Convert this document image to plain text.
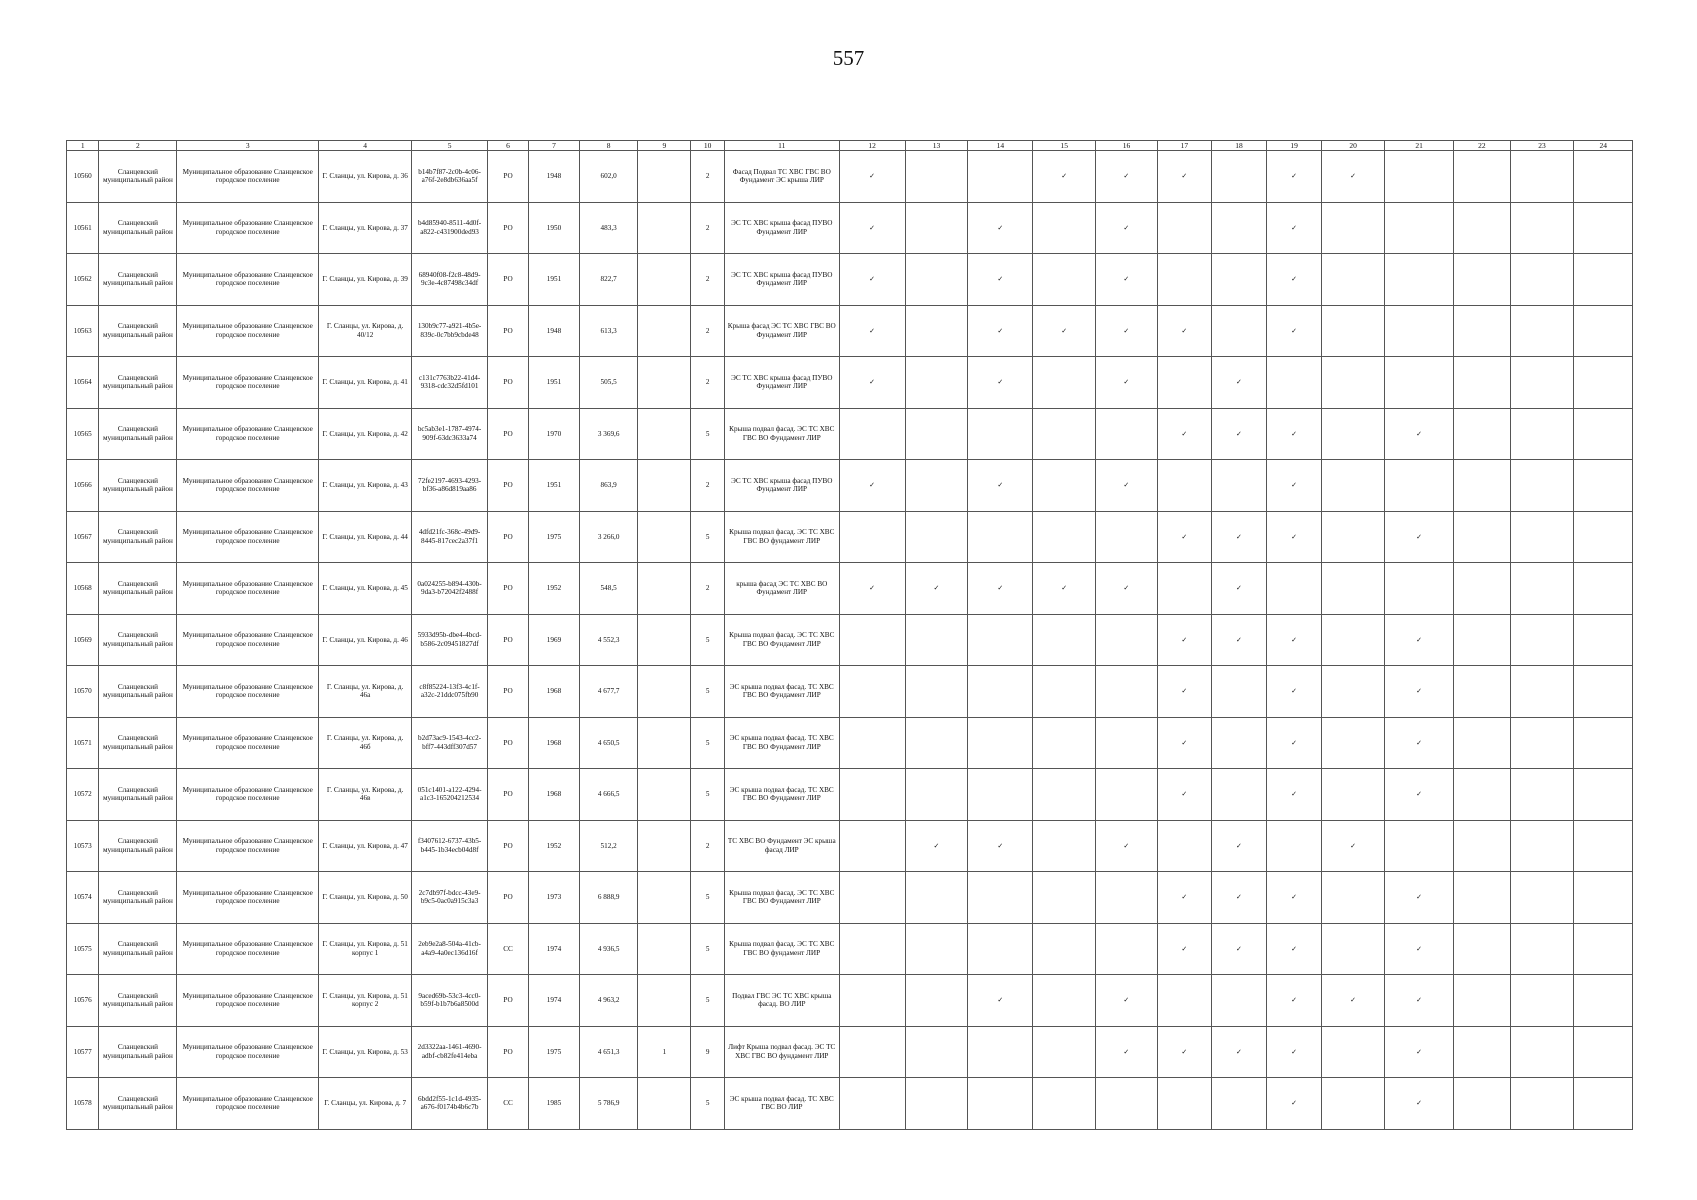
557
1	2	3	4	5	6	7	8	9	10	11	12	13	14	15	16	17	18	19	20	21	22	23	24
10560	Сланцевский муниципальный район	Муниципальное образование Сланцевское городское поселение	Г. Сланцы, ул. Кирова, д. 36	b14b7f87-2c0b-4c06-a76f-2e8db636aa5f	РО	1948	602,0		2	Фасад Подвал ТС ХВС ГВС ВО Фундамент ЭС крыша ЛИР	✓			✓	✓	✓		✓	✓				
10561	Сланцевский муниципальный район	Муниципальное образование Сланцевское городское поселение	Г. Сланцы, ул. Кирова, д. 37	b4d85940-8511-4d0f-a822-c431900ded93	РО	1950	483,3		2	ЭС ТС ХВС крыша фасад ПУВО Фундамент ЛИР	✓		✓		✓			✓					
10562	Сланцевский муниципальный район	Муниципальное образование Сланцевское городское поселение	Г. Сланцы, ул. Кирова, д. 39	68940f08-f2c8-48d9-9c3e-4c87498c34df	РО	1951	822,7		2	ЭС ТС ХВС крыша фасад ПУВО Фундамент ЛИР	✓		✓		✓			✓					
10563	Сланцевский муниципальный район	Муниципальное образование Сланцевское городское поселение	Г. Сланцы, ул. Кирова, д. 40/12	130b9c77-a921-4b5e-839c-0c7bb9cbde48	РО	1948	613,3		2	Крыша фасад ЭС ТС ХВС ГВС ВО Фундамент ЛИР	✓		✓	✓	✓	✓		✓					
10564	Сланцевский муниципальный район	Муниципальное образование Сланцевское городское поселение	Г. Сланцы, ул. Кирова, д. 41	c131c7763b22-41d4-9318-cdc32d5fd101	РО	1951	505,5		2	ЭС ТС ХВС крыша фасад ПУВО Фундамент ЛИР	✓		✓		✓		✓						
10565	Сланцевский муниципальный район	Муниципальное образование Сланцевское городское поселение	Г. Сланцы, ул. Кирова, д. 42	bc5ab3e1-1787-4974-909f-63dc3633a74	РО	1970	3 369,6		5	Крыша подвал фасад. ЭС ТС ХВС ГВС ВО Фундамент ЛИР						✓	✓	✓		✓			
10566	Сланцевский муниципальный район	Муниципальное образование Сланцевское городское поселение	Г. Сланцы, ул. Кирова, д. 43	72fe2197-4693-4293-bf36-a86d819aa86	РО	1951	863,9		2	ЭС ТС ХВС крыша фасад ПУВО Фундамент ЛИР	✓		✓		✓			✓					
10567	Сланцевский муниципальный район	Муниципальное образование Сланцевское городское поселение	Г. Сланцы, ул. Кирова, д. 44	4dfd21fc-368c-49d9-8445-817cec2a37f1	РО	1975	3 266,0		5	Крыша подвал фасад. ЭС ТС ХВС ГВС ВО фундамент ЛИР						✓	✓	✓		✓			
10568	Сланцевский муниципальный район	Муниципальное образование Сланцевское городское поселение	Г. Сланцы, ул. Кирова, д. 45	0a024255-b894-430b-9da3-b72042f2488f	РО	1952	548,5		2	крыша фасад ЭС ТС ХВС ВО Фундамент ЛИР	✓	✓	✓	✓	✓		✓						
10569	Сланцевский муниципальный район	Муниципальное образование Сланцевское городское поселение	Г. Сланцы, ул. Кирова, д. 46	5933d95b-dbe4-4bcd-b586-2c09451827df	РО	1969	4 552,3		5	Крыша подвал фасад. ЭС ТС ХВС ГВС ВО Фундамент ЛИР						✓	✓	✓		✓			
10570	Сланцевский муниципальный район	Муниципальное образование Сланцевское городское поселение	Г. Сланцы, ул. Кирова, д. 46а	c8f85224-13f3-4c1f-a32c-21ddc075fb90	РО	1968	4 677,7		5	ЭС крыша подвал фасад. ТС ХВС ГВС ВО Фундамент ЛИР						✓		✓		✓			
10571	Сланцевский муниципальный район	Муниципальное образование Сланцевское городское поселение	Г. Сланцы, ул. Кирова, д. 46б	b2d73ac9-1543-4cc2-bff7-443dff307d57	РО	1968	4 650,5		5	ЭС крыша подвал фасад. ТС ХВС ГВС ВО Фундамент ЛИР						✓		✓		✓			
10572	Сланцевский муниципальный район	Муниципальное образование Сланцевское городское поселение	Г. Сланцы, ул. Кирова, д. 46в	051c1401-a122-4294-a1c3-165204212534	РО	1968	4 666,5		5	ЭС крыша подвал фасад. ТС ХВС ГВС ВО Фундамент ЛИР						✓		✓		✓			
10573	Сланцевский муниципальный район	Муниципальное образование Сланцевское городское поселение	Г. Сланцы, ул. Кирова, д. 47	f3407612-6737-43b5-b445-1b34ecb04d8f	РО	1952	512,2		2	ТС ХВС ВО Фундамент ЭС крыша фасад ЛИР		✓	✓		✓		✓		✓				
10574	Сланцевский муниципальный район	Муниципальное образование Сланцевское городское поселение	Г. Сланцы, ул. Кирова, д. 50	2c7db97f-bdcc-43e9-b9c5-0ac0a915c3a3	РО	1973	6 888,9		5	Крыша подвал фасад. ЭС ТС ХВС ГВС ВО Фундамент ЛИР						✓	✓	✓		✓			
10575	Сланцевский муниципальный район	Муниципальное образование Сланцевское городское поселение	Г. Сланцы, ул. Кирова, д. 51 корпус 1	2eb9e2a8-504a-41cb-a4a9-4a0ec136d16f	СС	1974	4 936,5		5	Крыша подвал фасад. ЭС ТС ХВС ГВС ВО фундамент ЛИР						✓	✓	✓		✓			
10576	Сланцевский муниципальный район	Муниципальное образование Сланцевское городское поселение	Г. Сланцы, ул. Кирова, д. 51 корпус 2	9aced69b-53c3-4cc0-b59f-b1b7b6a8500d	РО	1974	4 963,2		5	Подвал ГВС ЭС ТС ХВС крыша фасад. ВО ЛИР			✓		✓			✓	✓	✓			
10577	Сланцевский муниципальный район	Муниципальное образование Сланцевское городское поселение	Г. Сланцы, ул. Кирова, д. 53	2d3322aa-1461-4690-adbf-cb82fe414eba	РО	1975	4 651,3	1	9	Лифт Крыша подвал фасад. ЭС ТС ХВС ГВС ВО фундамент ЛИР					✓	✓	✓	✓		✓			
10578	Сланцевский муниципальный район	Муниципальное образование Сланцевское городское поселение	Г. Сланцы, ул. Кирова, д. 7	6bdd2f55-1c1d-4935-a676-f0174b4b6c7b	СС	1985	5 786,9		5	ЭС крыша подвал фасад. ТС ХВС ГВС ВО ЛИР								✓		✓			
